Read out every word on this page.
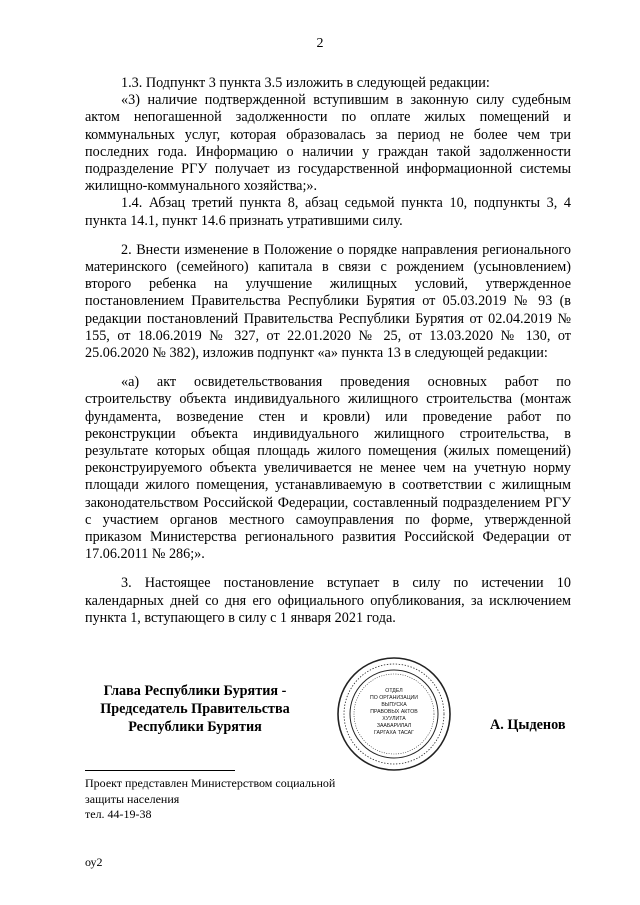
2

1.3. Подпункт 3 пункта 3.5 изложить в следующей редакции:

«3) наличие подтвержденной вступившим в законную силу судебным актом непогашенной задолженности по оплате жилых помещений и коммунальных услуг, которая образовалась за период не более чем три последних года. Информацию о наличии у граждан такой задолженности подразделение РГУ получает из государственной информационной системы жилищно-коммунального хозяйства;».

1.4. Абзац третий пункта 8, абзац седьмой пункта 10, подпункты 3, 4 пункта 14.1, пункт 14.6 признать утратившими силу.

2. Внести изменение в Положение о порядке направления регионального материнского (семейного) капитала в связи с рождением (усыновлением) второго ребенка на улучшение жилищных условий, утвержденное постановлением Правительства Республики Бурятия от 05.03.2019 № 93 (в редакции постановлений Правительства Республики Бурятия от 02.04.2019 № 155, от 18.06.2019 № 327, от 22.01.2020 № 25, от 13.03.2020 № 130, от 25.06.2020 № 382), изложив подпункт «а» пункта 13 в следующей редакции:

«а) акт освидетельствования проведения основных работ по строительству объекта индивидуального жилищного строительства (монтаж фундамента, возведение стен и кровли) или проведение работ по реконструкции объекта индивидуального жилищного строительства, в результате которых общая площадь жилого помещения (жилых помещений) реконструируемого объекта увеличивается не менее чем на учетную норму площади жилого помещения, устанавливаемую в соответствии с жилищным законодательством Российской Федерации, составленный подразделением РГУ с участием органов местного самоуправления по форме, утвержденной приказом Министерства регионального развития Российской Федерации от 17.06.2011 № 286;».

3. Настоящее постановление вступает в силу по истечении 10 календарных дней со дня его официального опубликования, за исключением пункта 1, вступающего в силу с 1 января 2021 года.

Глава Республики Бурятия -
Председатель Правительства
Республики Бурятия
ОТДЕЛ
ПО ОРГАНИЗАЦИИ
ВЫПУСКА
ПРАВОВЫХ АКТОВ
ХУУЛИТА
ЗААБАРИЛАЛ
ГАРГАХА ТАСАГ	А. Цыденов
Проект представлен Министерством социальной
защиты населения
тел. 44-19-38
оу2
